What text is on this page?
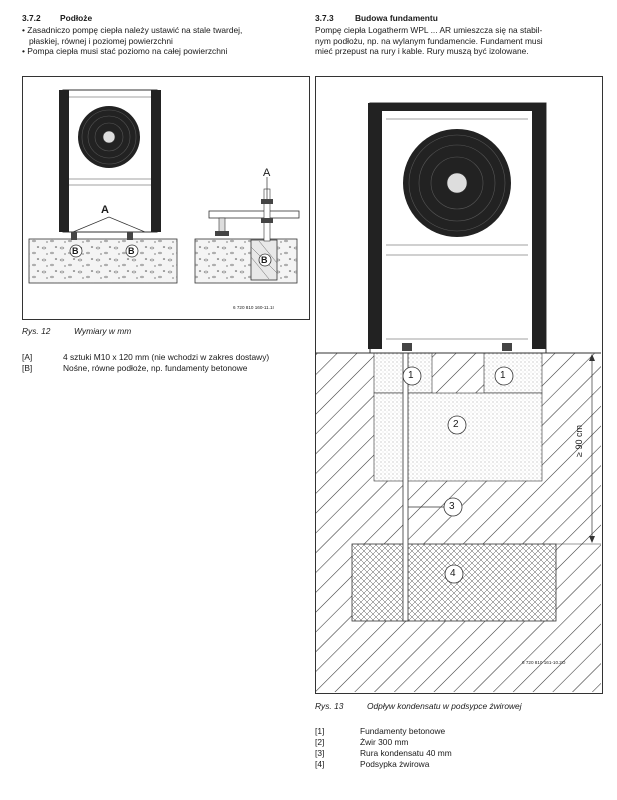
3.7.2 Podłoże
• Zasadniczo pompę ciepła należy ustawić na stale twardej,
płaskiej, równej i poziomej powierzchni
• Pompa ciepła musi stać poziomo na całej powierzchni
A
A
B	B
B
6 720 810 160-11.1I
Rys. 12	Wymiary w mm
[A]	4 sztuki M10 x 120 mm (nie wchodzi w zakres dostawy)
[B]	Nośne, równe podłoże, np. fundamenty betonowe
3.7.3	Budowa fundamentu
Pompę ciepła Logatherm WPL ... AR umieszcza się na stabil-
nym podłożu, np. na wylanym fundamencie. Fundament musi
mieć przepust na rury i kable. Rury muszą być izolowane.
1	1
2
3
4
≥ 90 cm
6 720 810 161-10.2O
Rys. 13	Odpływ kondensatu w podsypce żwirowej
[1]	Fundamenty betonowe
[2]	Żwir 300 mm
[3]	Rura kondensatu 40 mm
[4]	Podsypka żwirowa
